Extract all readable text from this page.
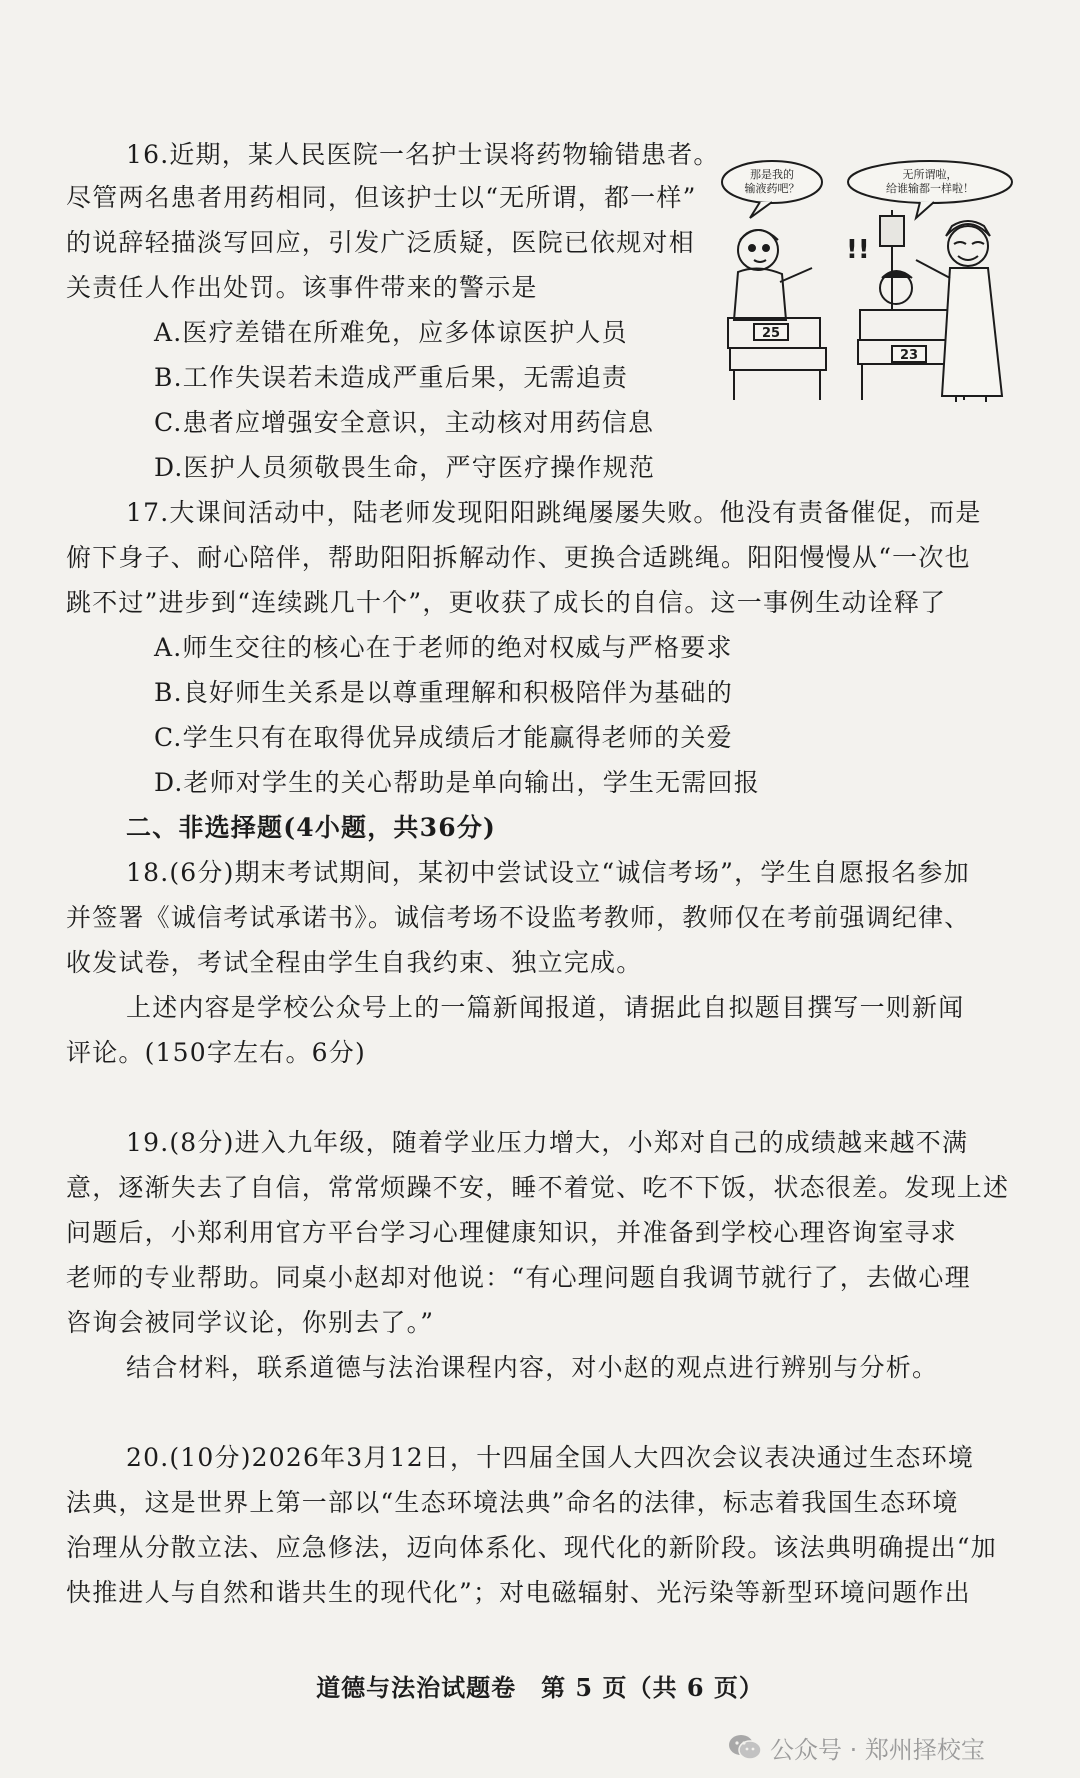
16.近期，某人民医院一名护士误将药物输错患者。
尽管两名患者用药相同，但该护士以“无所谓，都一样”
的说辞轻描淡写回应，引发广泛质疑，医院已依规对相
关责任人作出处罚。该事件带来的警示是
A.医疗差错在所难免，应多体谅医护人员
B.工作失误若未造成严重后果，无需追责
C.患者应增强安全意识，主动核对用药信息
D.医护人员须敬畏生命，严守医疗操作规范
那是我的
输液药吧？
无所谓啦，
给谁输都一样啦！
25
23
!!
17.大课间活动中，陆老师发现阳阳跳绳屡屡失败。他没有责备催促，而是
俯下身子、耐心陪伴，帮助阳阳拆解动作、更换合适跳绳。阳阳慢慢从“一次也
跳不过”进步到“连续跳几十个”，更收获了成长的自信。这一事例生动诠释了
A.师生交往的核心在于老师的绝对权威与严格要求
B.良好师生关系是以尊重理解和积极陪伴为基础的
C.学生只有在取得优异成绩后才能赢得老师的关爱
D.老师对学生的关心帮助是单向输出，学生无需回报
二、非选择题(4小题，共36分)
18.(6分)期末考试期间，某初中尝试设立“诚信考场”，学生自愿报名参加
并签署《诚信考试承诺书》。诚信考场不设监考教师，教师仅在考前强调纪律、
收发试卷，考试全程由学生自我约束、独立完成。
上述内容是学校公众号上的一篇新闻报道，请据此自拟题目撰写一则新闻
评论。(150字左右。6分)
19.(8分)进入九年级，随着学业压力增大，小郑对自己的成绩越来越不满
意，逐渐失去了自信，常常烦躁不安，睡不着觉、吃不下饭，状态很差。发现上述
问题后，小郑利用官方平台学习心理健康知识，并准备到学校心理咨询室寻求
老师的专业帮助。同桌小赵却对他说：“有心理问题自我调节就行了，去做心理
咨询会被同学议论，你别去了。”
结合材料，联系道德与法治课程内容，对小赵的观点进行辨别与分析。
20.(10分)2026年3月12日，十四届全国人大四次会议表决通过生态环境
法典，这是世界上第一部以“生态环境法典”命名的法律，标志着我国生态环境
治理从分散立法、应急修法，迈向体系化、现代化的新阶段。该法典明确提出“加
快推进人与自然和谐共生的现代化”；对电磁辐射、光污染等新型环境问题作出
道德与法治试题卷　第 5 页（共 6 页）
公众号 · 郑州择校宝
